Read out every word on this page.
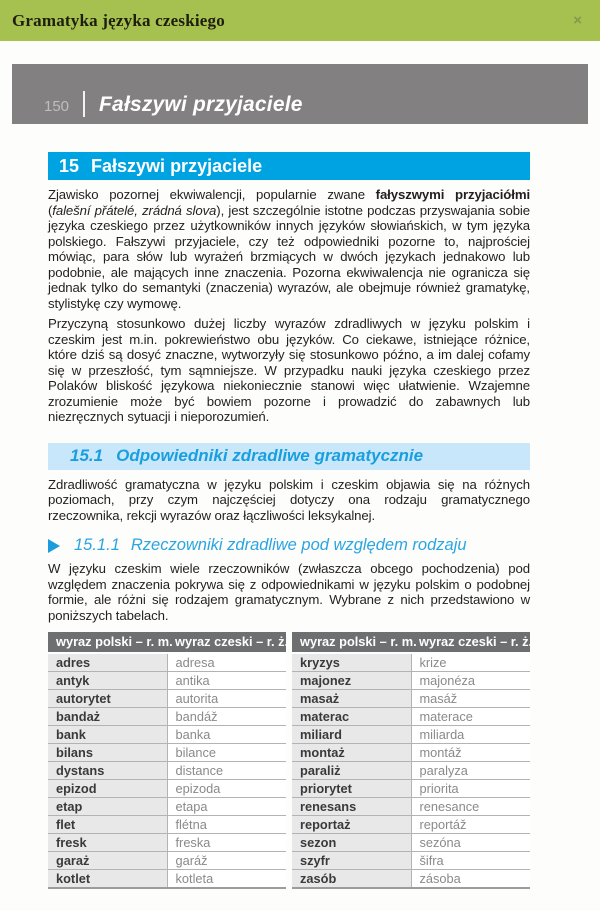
Gramatyka języka czeskiego	×
150 Fałszywi przyjaciele
15 Fałszywi przyjaciele

Zjawisko pozornej ekwiwalencji, popularnie zwane fałyszwymi przyjaciółmi (falešní přátelé, zrádná slova), jest szczególnie istotne podczas przyswajania sobie języka czeskiego przez użytkowników innych języków słowiańskich, w tym języka polskiego. Fałszywi przyjaciele, czy też odpowiedniki pozorne to, najprościej mówiąc, para słów lub wyrażeń brzmiących w dwóch językach jednakowo lub podobnie, ale mających inne znaczenia. Pozorna ekwiwalencja nie ogranicza się jednak tylko do semantyki (znaczenia) wyrazów, ale obejmuje również gramatykę, stylistykę czy wymowę.

Przyczyną stosunkowo dużej liczby wyrazów zdradliwych w języku polskim i czeskim jest m.in. pokrewieństwo obu języków. Co ciekawe, istniejące różnice, które dziś są dosyć znaczne, wytworzyły się stosunkowo późno, a im dalej cofamy się w przeszłość, tym sąmniejsze. W przypadku nauki języka czeskiego przez Polaków bliskość językowa niekoniecznie stanowi więc ułatwienie. Wzajemne zrozumienie może być bowiem pozorne i prowadzić do zabawnych lub niezręcznych sytuacji i nieporozumień.

15.1 Odpowiedniki zdradliwe gramatycznie

Zdradliwość gramatyczna w języku polskim i czeskim objawia się na różnych poziomach, przy czym najczęściej dotyczy ona rodzaju gramatycznego rzeczownika, rekcji wyrazów oraz łączliwości leksykalnej.

15.1.1 Rzeczowniki zdradliwe pod względem rodzaju

W języku czeskim wiele rzeczowników (zwłaszcza obcego pochodzenia) pod względem znaczenia pokrywa się z odpowiednikami w języku polskim o podobnej formie, ale różni się rodzajem gramatycznym. Wybrane z nich przedstawiono w poniższych tabelach.

wyraz polski – r. m.	wyraz czeski – r. ż.
adres	adresa
antyk	antika
autorytet	autorita
bandaż	bandáž
bank	banka
bilans	bilance
dystans	distance
epizod	epizoda
etap	etapa
flet	flétna
fresk	freska
garaż	garáž
kotlet	kotleta
wyraz polski – r. m.	wyraz czeski – r. ż.
kryzys	krize
majonez	majonéza
masaż	masáž
materac	materace
miliard	miliarda
montaż	montáž
paraliż	paralyza
priorytet	priorita
renesans	renesance
reportaż	reportáž
sezon	sezóna
szyfr	šifra
zasób	zásoba
